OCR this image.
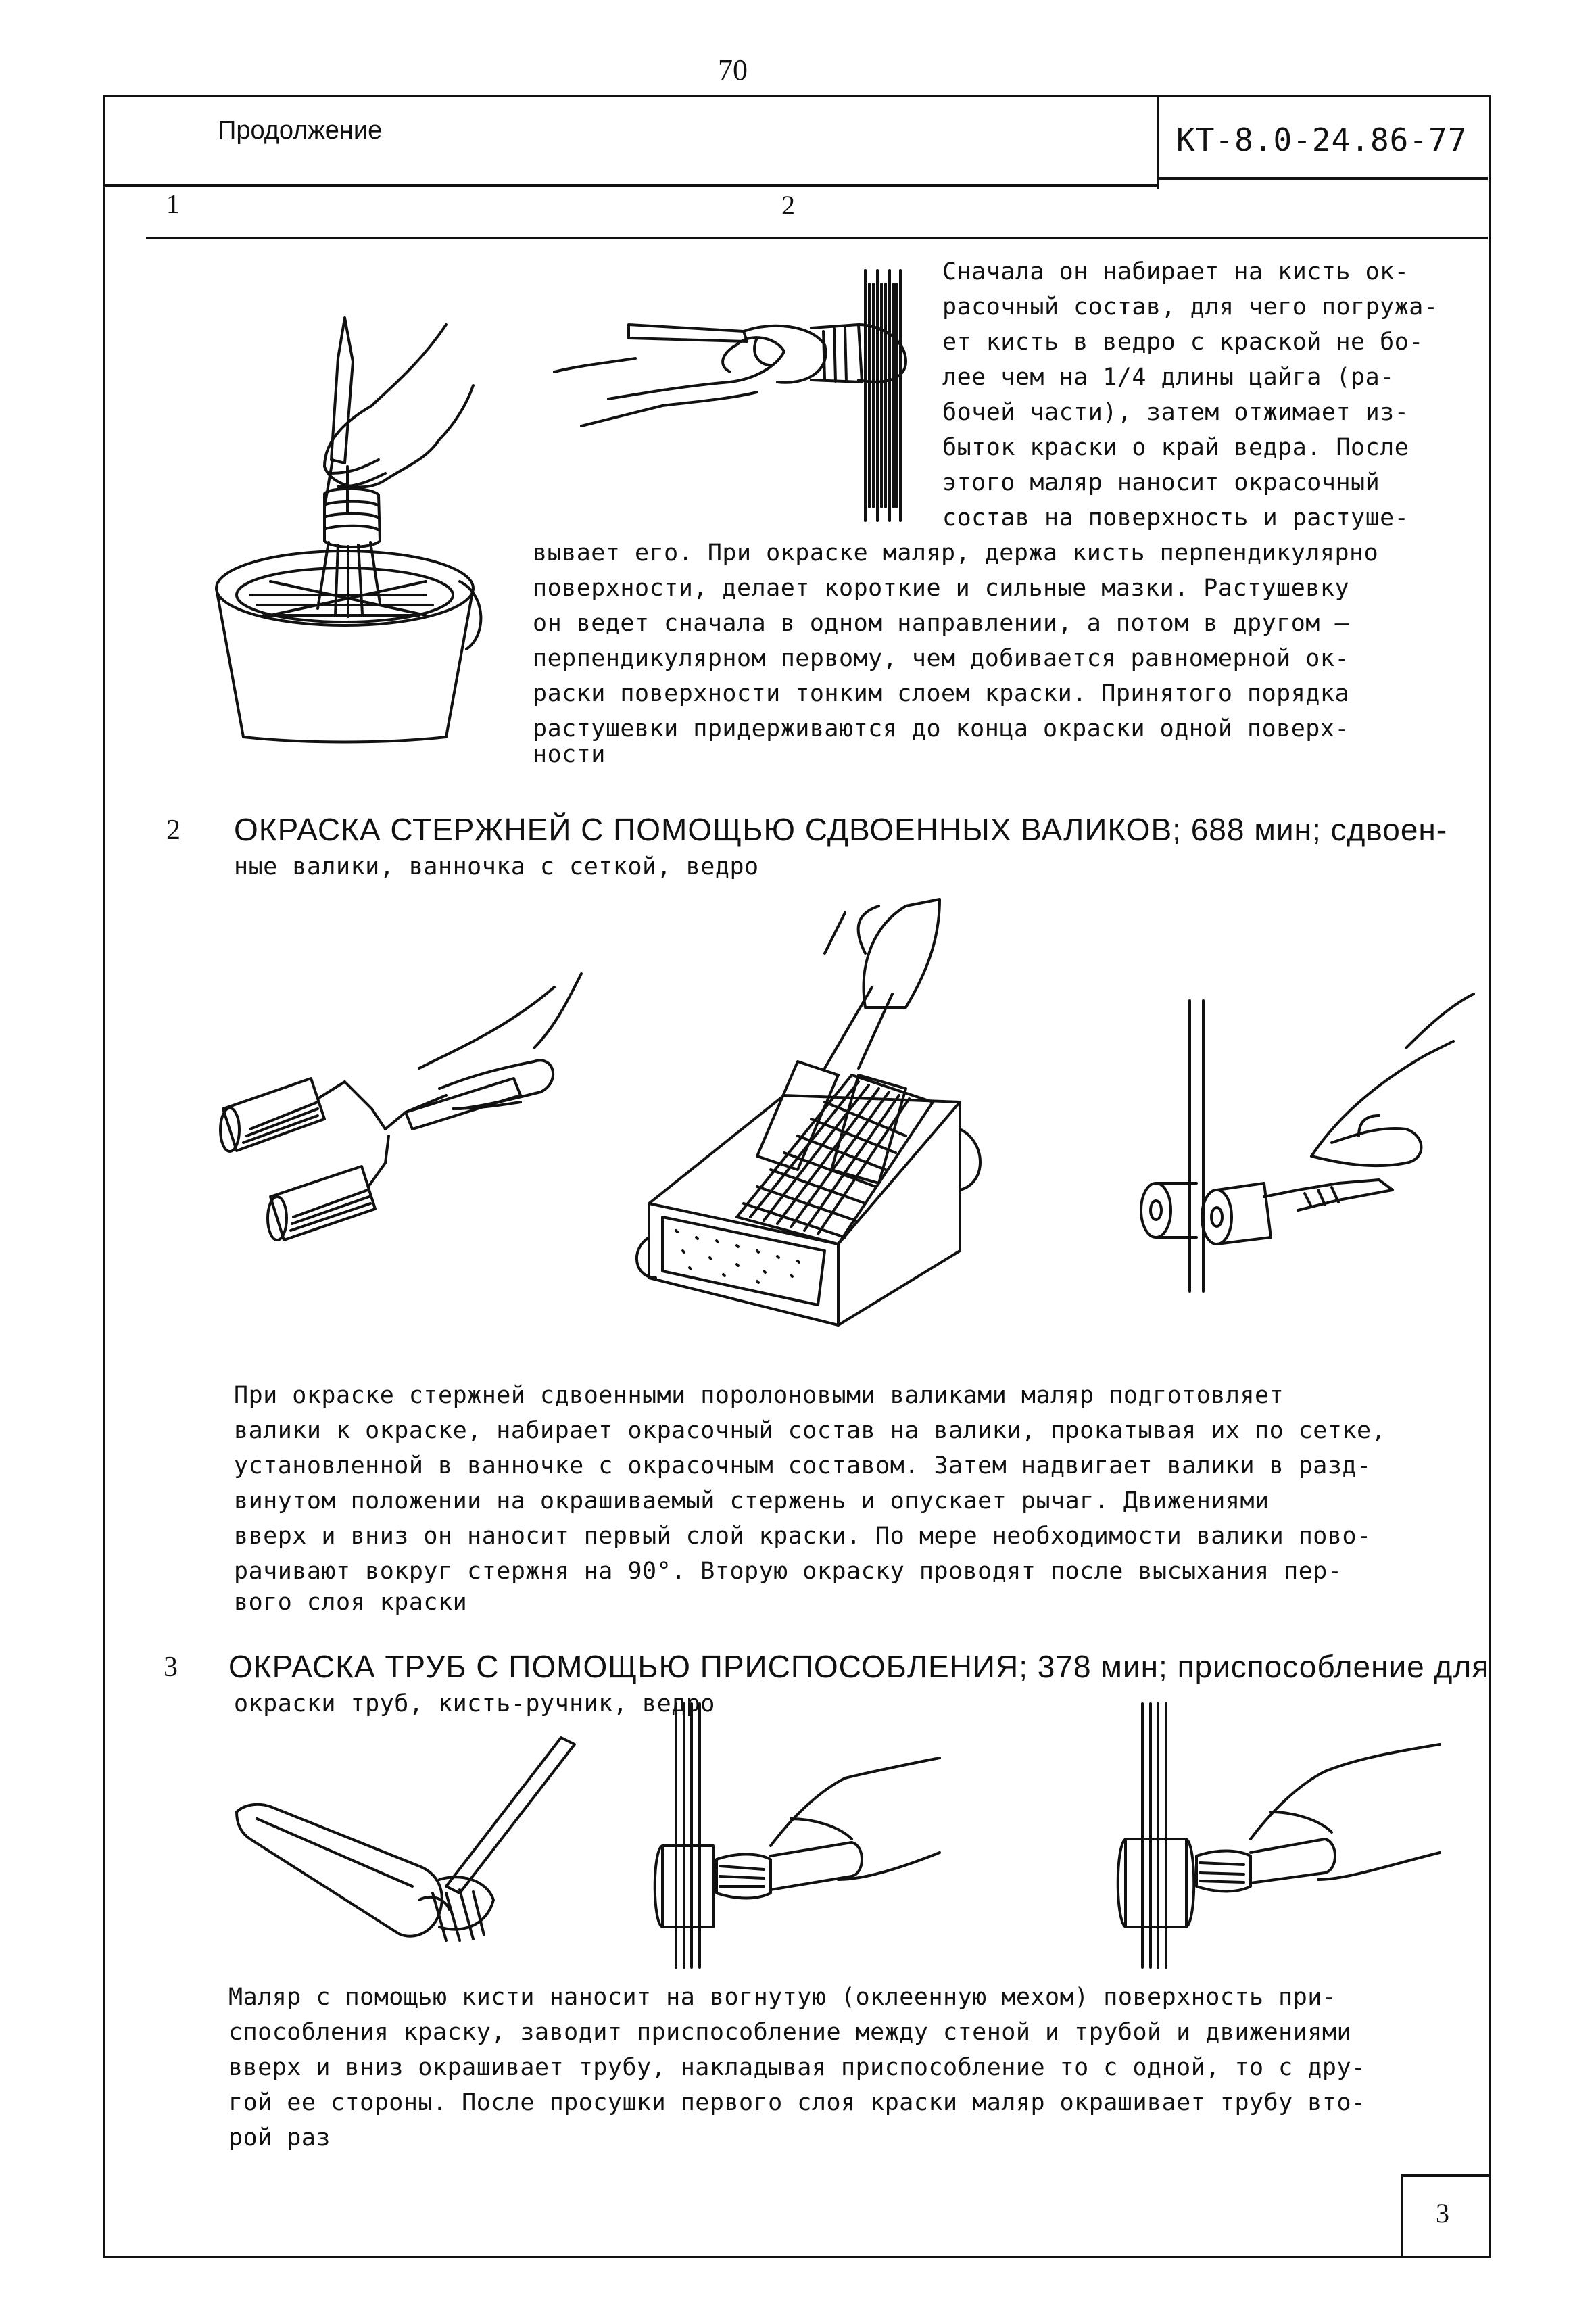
70
Продолжение	КТ-8.0-24.86-77
1	2
Сначала он набирает на кисть ок-
расочный состав, для чего погружа-
ет кисть в ведро с краской не бо-
лее чем на 1/4 длины цайга (ра-
бочей части), затем отжимает из-
быток краски о край ведра. После
этого маляр наносит окрасочный
состав на поверхность и растуше-
вывает его. При окраске маляр, держа кисть перпендикулярно
поверхности, делает короткие и сильные мазки. Растушевку
он ведет сначала в одном направлении, а потом в другом –
перпендикулярном первому, чем добивается равномерной ок-
раски поверхности тонким слоем краски. Принятого порядка
растушевки придерживаются до конца окраски одной поверх-
ности
2 ОКРАСКА СТЕРЖНЕЙ С ПОМОЩЬЮ СДВОЕННЫХ ВАЛИКОВ; 688 мин; сдвоен-
ные валики, ванночка с сеткой, ведро
При окраске стержней сдвоенными поролоновыми валиками маляр подготовляет
валики к окраске, набирает окрасочный состав на валики, прокатывая их по сетке,
установленной в ванночке с окрасочным составом. Затем надвигает валики в разд-
винутом положении на окрашиваемый стержень и опускает рычаг. Движениями
вверх и вниз он наносит первый слой краски. По мере необходимости валики пово-
рачивают вокруг стержня на 90°. Вторую окраску проводят после высыхания пер-
вого слоя краски
3 ОКРАСКА ТРУБ С ПОМОЩЬЮ ПРИСПОСОБЛЕНИЯ; 378 мин; приспособление для
окраски труб, кисть-ручник, ведро
Маляр с помощью кисти наносит на вогнутую (оклеенную мехом) поверхность при-
способления краску, заводит приспособление между стеной и трубой и движениями
вверх и вниз окрашивает трубу, накладывая приспособление то с одной, то с дру-
гой ее стороны. После просушки первого слоя краски маляр окрашивает трубу вто-
рой раз
3
